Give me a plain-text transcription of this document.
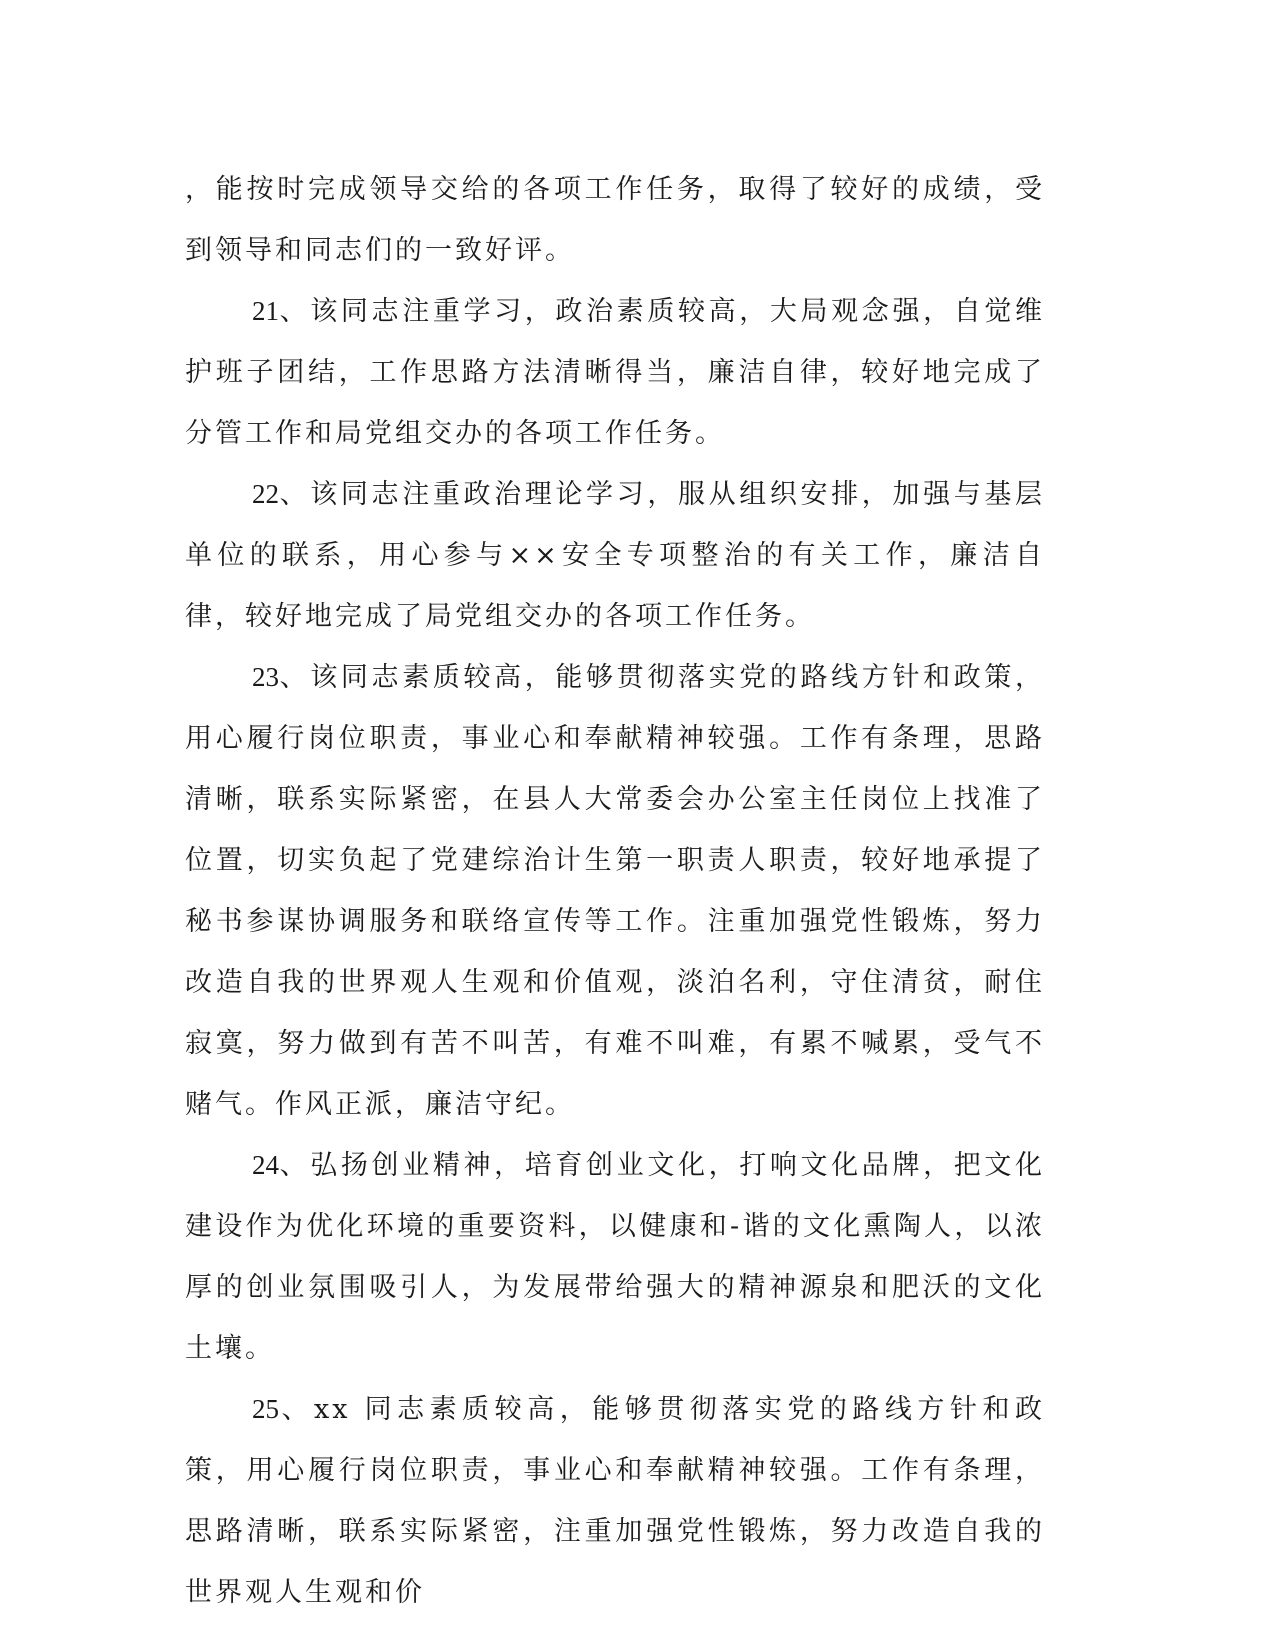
，能按时完成领导交给的各项工作任务，取得了较好的成绩，受到领导和同志们的一致好评。

21、该同志注重学习，政治素质较高，大局观念强，自觉维护班子团结，工作思路方法清晰得当，廉洁自律，较好地完成了分管工作和局党组交办的各项工作任务。

22、该同志注重政治理论学习，服从组织安排，加强与基层单位的联系，用心参与××安全专项整治的有关工作，廉洁自律，较好地完成了局党组交办的各项工作任务。

23、该同志素质较高，能够贯彻落实党的路线方针和政策，用心履行岗位职责，事业心和奉献精神较强。工作有条理，思路清晰，联系实际紧密，在县人大常委会办公室主任岗位上找准了位置，切实负起了党建综治计生第一职责人职责，较好地承提了秘书参谋协调服务和联络宣传等工作。注重加强党性锻炼，努力改造自我的世界观人生观和价值观，淡泊名利，守住清贫，耐住寂寞，努力做到有苦不叫苦，有难不叫难，有累不喊累，受气不赌气。作风正派，廉洁守纪。

24、弘扬创业精神，培育创业文化，打响文化品牌，把文化建设作为优化环境的重要资料，以健康和-谐的文化熏陶人，以浓厚的创业氛围吸引人，为发展带给强大的精神源泉和肥沃的文化土壤。

25、xx 同志素质较高，能够贯彻落实党的路线方针和政策，用心履行岗位职责，事业心和奉献精神较强。工作有条理，思路清晰，联系实际紧密，注重加强党性锻炼，努力改造自我的世界观人生观和价
